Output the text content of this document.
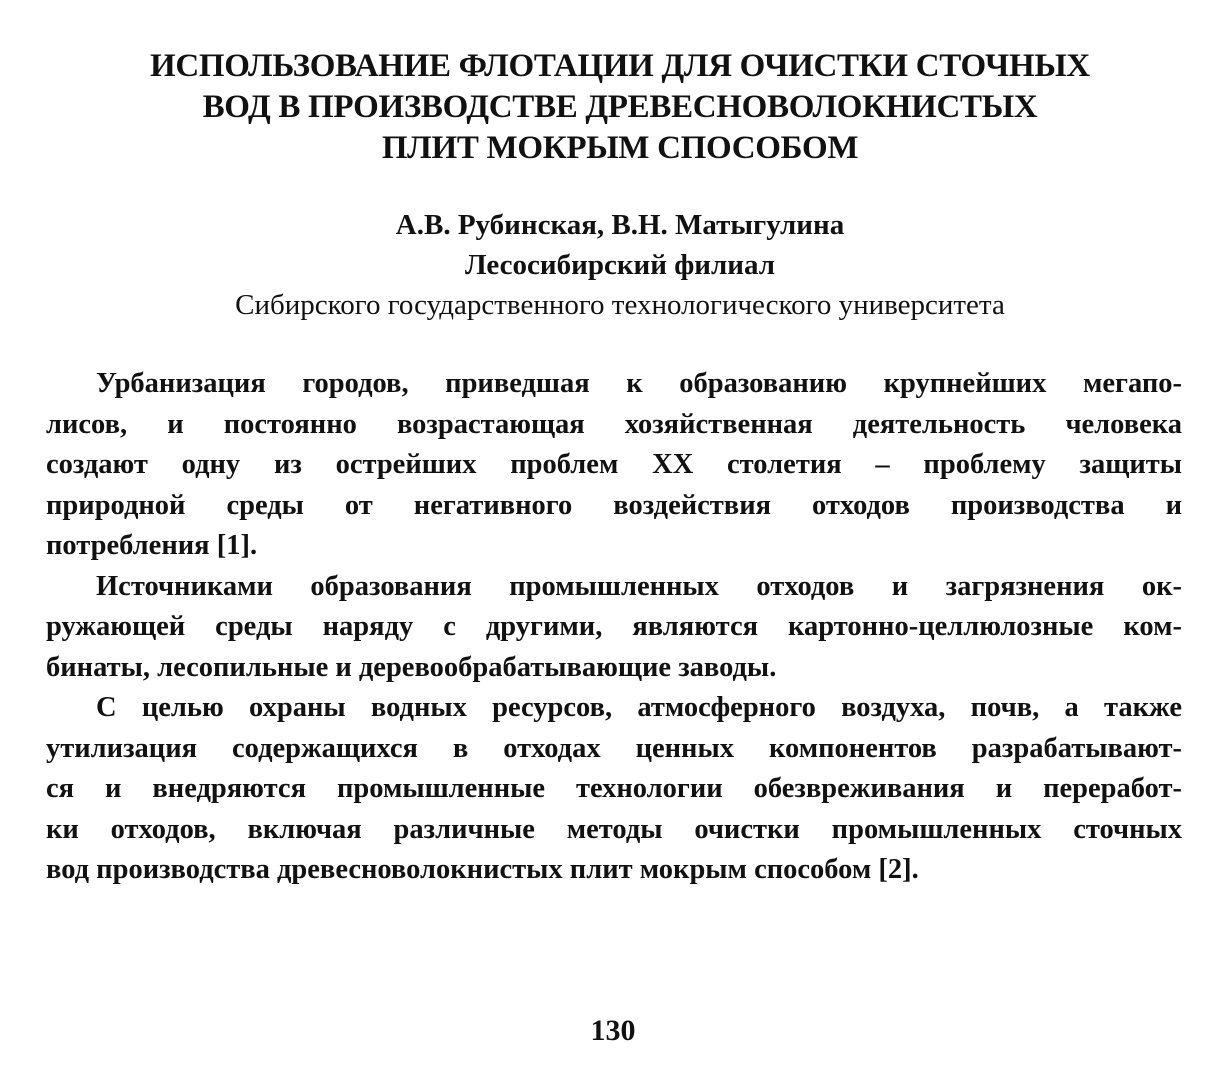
ИСПОЛЬЗОВАНИЕ ФЛОТАЦИИ ДЛЯ ОЧИСТКИ СТОЧНЫХ
ВОД В ПРОИЗВОДСТВЕ ДРЕВЕСНОВОЛОКНИСТЫХ
ПЛИТ МОКРЫМ СПОСОБОМ
А.В. Рубинская, В.Н. Матыгулина
Лесосибирский филиал
Сибирского государственного технологического университета
Урбанизация городов, приведшая к образованию крупнейших мегапо-
лисов, и постоянно возрастающая хозяйственная деятельность человека
создают одну из острейших проблем XX столетия – проблему защиты
природной среды от негативного воздействия отходов производства и
потребления [1].
Источниками образования промышленных отходов и загрязнения ок-
ружающей среды наряду с другими, являются картонно-целлюлозные ком-
бинаты, лесопильные и деревообрабатывающие заводы.
С целью охраны водных ресурсов, атмосферного воздуха, почв, а также
утилизация содержащихся в отходах ценных компонентов разрабатывают-
ся и внедряются промышленные технологии обезвреживания и переработ-
ки отходов, включая различные методы очистки промышленных сточных
вод производства древесноволокнистых плит мокрым способом [2].
130
